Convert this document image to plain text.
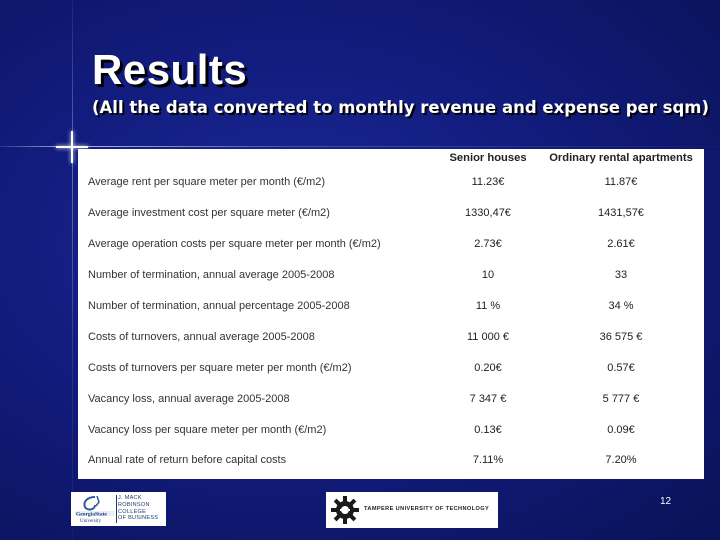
Results

(All the data converted to monthly revenue and expense per sqm)

	Senior houses	Ordinary rental apartments
Average rent per square meter per month (€/m2)	11.23€	11.87€
Average investment cost per square meter (€/m2)	1330,47€	1431,57€
Average operation costs per square meter per month (€/m2)	2.73€	2.61€
Number of termination, annual average 2005-2008	10	33
Number of termination, annual percentage 2005-2008	11 %	34 %
Costs of turnovers, annual average 2005-2008	11 000 €	36 575 €
Costs of turnovers per square meter per month (€/m2)	0.20€	0.57€
Vacancy loss, annual average 2005-2008	7 347 €	5 777 €
Vacancy loss per square meter per month (€/m2)	0.13€	0.09€
Annual rate of return before capital costs	7.11%	7.20%
GeorgiaState
University
J. MACK
ROBINSON
COLLEGE
OF BUSINESS
TAMPERE UNIVERSITY OF TECHNOLOGY
12
